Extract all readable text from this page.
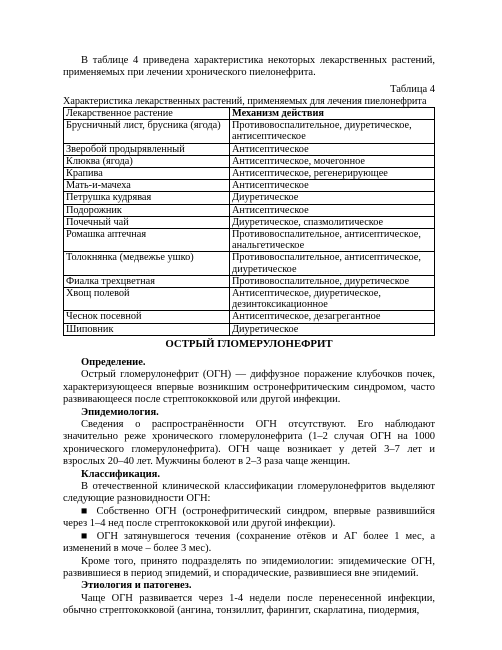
В таблице 4 приведена характеристика некоторых лекарственных растений, применяемых при лечении хронического пиелонефрита.

Таблица 4
Характеристика лекарственных растений, применяемых для лечения пиелонефрита
Лекарственное растение	Механизм действия
Брусничный лист, брусника (ягода)	Противовоспалительное, диуретическое, антисептическое
Зверобой продырявленный	Антисептическое
Клюква (ягода)	Антисептическое, мочегонное
Крапива	Антисептическое, регенерирующее
Мать-и-мачеха	Антисептическое
Петрушка кудрявая	Диуретическое
Подорожник	Антисептическое
Почечный чай	Диуретическое, спазмолитическое
Ромашка аптечная	Противовоспалительное, антисептическое, анальгетическое
Толокнянка (медвежье ушко)	Противовоспалительное, антисептическое, диуретическое
Фиалка трехцветная	Противовоспалительное, диуретическое
Хвощ полевой	Антисептическое, диуретическое, дезинтоксикационное
Чеснок посевной	Антисептическое, дезагрегантное
Шиповник	Диуретическое
ОСТРЫЙ ГЛОМЕРУЛОНЕФРИТ
Определение.

Острый гломерулонефрит (ОГН) — диффузное поражение клубочков почек, характеризующееся впервые возникшим остронефритическим синдромом, часто развивающееся после стрептококковой или другой инфекции.

Эпидемиология.

Сведения о распространённости ОГН отсутствуют. Его наблюдают значительно реже хронического гломерулонефрита (1–2 случая ОГН на 1000 хронического гломерулонефрита). ОГН чаще возникает у детей 3–7 лет и взрослых 20–40 лет. Мужчины болеют в 2–3 раза чаще женщин.

Классификация.

В отечественной клинической классификации гломерулонефритов выделяют следующие разновидности ОГН:

■ Собственно ОГН (остронефритический синдром, впервые развившийся через 1–4 нед после стрептококковой или другой инфекции).

■ ОГН затянувшегося течения (сохранение отёков и АГ более 1 мес, а изменений в моче – более 3 мес).

Кроме того, принято подразделять по эпидемиологии: эпидемические ОГН, развившиеся в период эпидемий, и спорадические, развившиеся вне эпидемий.

Этиология и патогенез.

Чаще ОГН развивается через 1-4 недели после перенесенной инфекции, обычно стрептококковой (ангина, тонзиллит, фарингит, скарлатина, пиодермия,
